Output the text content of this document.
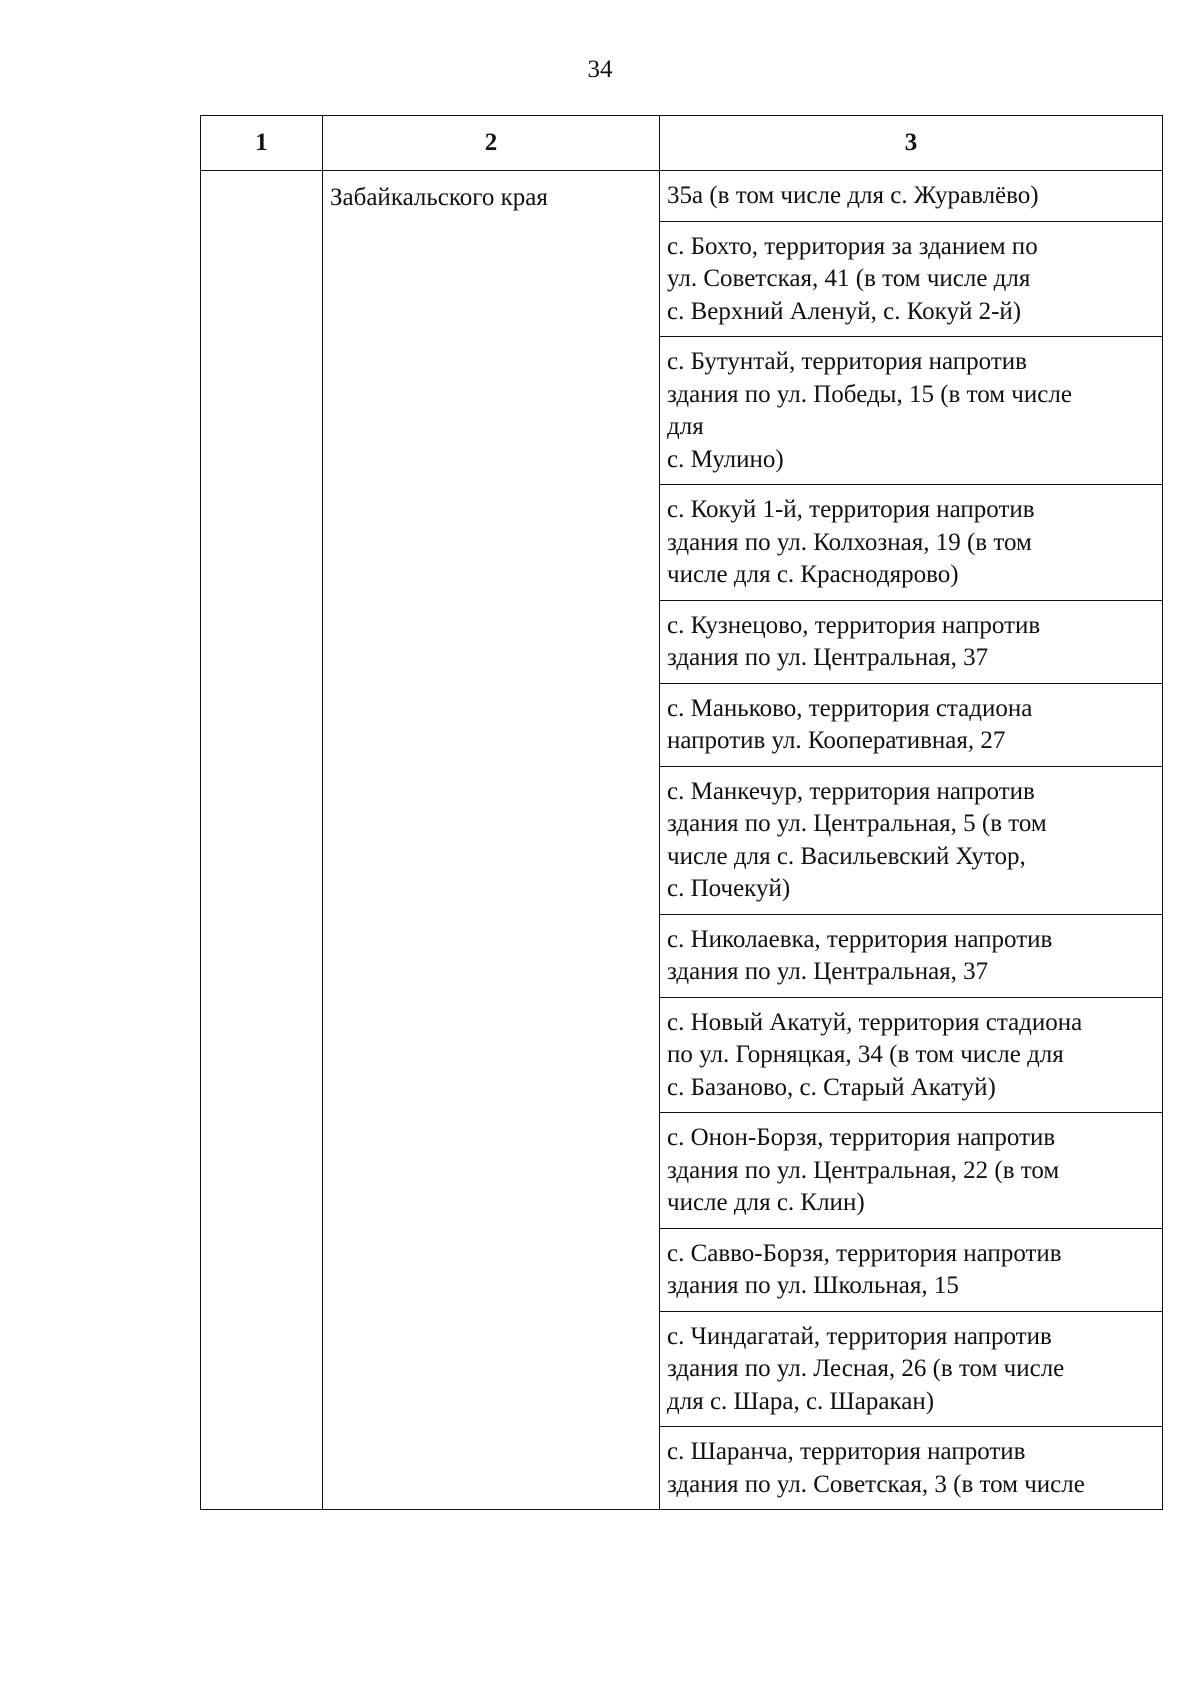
34
1	2	3
	Забайкальского края	35а (в том числе для с. Журавлёво)
		с. Бохто, территория за зданием по
ул. Советская, 41 (в том числе для
с. Верхний Аленуй, с. Кокуй 2-й)
		с. Бутунтай, территория напротив
здания по ул. Победы, 15 (в том числе
для
с. Мулино)
		с. Кокуй 1-й, территория напротив
здания по ул. Колхозная, 19 (в том
числе для с. Краснодярово)
		с. Кузнецово, территория напротив
здания по ул. Центральная, 37
		с. Маньково, территория стадиона
напротив ул. Кооперативная, 27
		с. Манкечур, территория напротив
здания по ул. Центральная, 5 (в том
числе для с. Васильевский Хутор,
с. Почекуй)
		с. Николаевка, территория напротив
здания по ул. Центральная, 37
		с. Новый Акатуй, территория стадиона
по ул. Горняцкая, 34 (в том числе для
с. Базаново, с. Старый Акатуй)
		с. Онон-Борзя, территория напротив
здания по ул. Центральная, 22 (в том
числе для с. Клин)
		с. Савво-Борзя, территория напротив
здания по ул. Школьная, 15
		с. Чиндагатай, территория напротив
здания по ул. Лесная, 26 (в том числе
для с. Шара, с. Шаракан)
		с. Шаранча, территория напротив
здания по ул. Советская, 3 (в том числе
